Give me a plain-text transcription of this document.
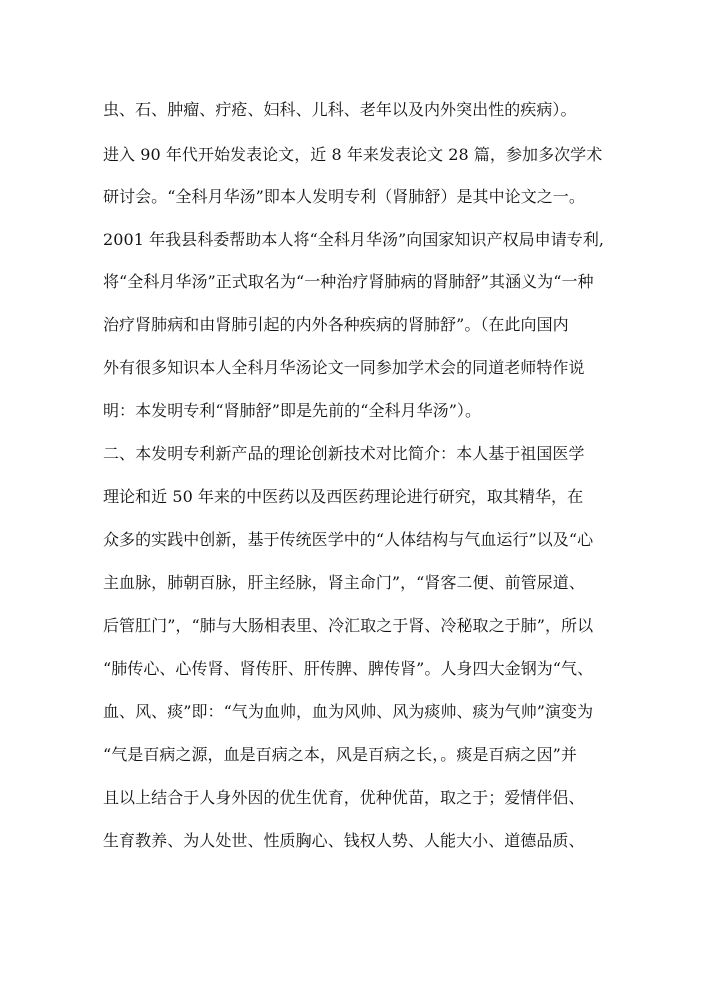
虫、石、肿瘤、疔疮、妇科、儿科、老年以及内外突出性的疾病）。
进入 90 年代开始发表论文，近 8 年来发表论文 28 篇，参加多次学术
研讨会。“全科月华汤”即本人发明专利（肾肺舒）是其中论文之一。
2001 年我县科委帮助本人将“全科月华汤”向国家知识产权局申请专利,
将“全科月华汤”正式取名为“一种治疗肾肺病的肾肺舒”其涵义为“一种
治疗肾肺病和由肾肺引起的内外各种疾病的肾肺舒”。（在此向国内
外有很多知识本人全科月华汤论文一同参加学术会的同道老师特作说
明：本发明专利“肾肺舒”即是先前的“全科月华汤”）。
二、本发明专利新产品的理论创新技术对比简介：本人基于祖国医学
理论和近 50 年来的中医药以及西医药理论进行研究，取其精华，在
众多的实践中创新，基于传统医学中的“人体结构与气血运行”以及“心
主血脉，肺朝百脉，肝主经脉，肾主命门”，“肾客二便、前管尿道、
后管肛门”，“肺与大肠相表里、冷汇取之于肾、冷秘取之于肺”，所以
“肺传心、心传肾、肾传肝、肝传脾、脾传肾”。人身四大金钢为“气、
血、风、痰”即：“气为血帅，血为风帅、风为痰帅、痰为气帅”演变为
“气是百病之源，血是百病之本，风是百病之长，。痰是百病之因”并
且以上结合于人身外因的优生优育，优种优苗，取之于；爱情伴侣、
生育教养、为人处世、性质胸心、钱权人势、人能大小、道德品质、
